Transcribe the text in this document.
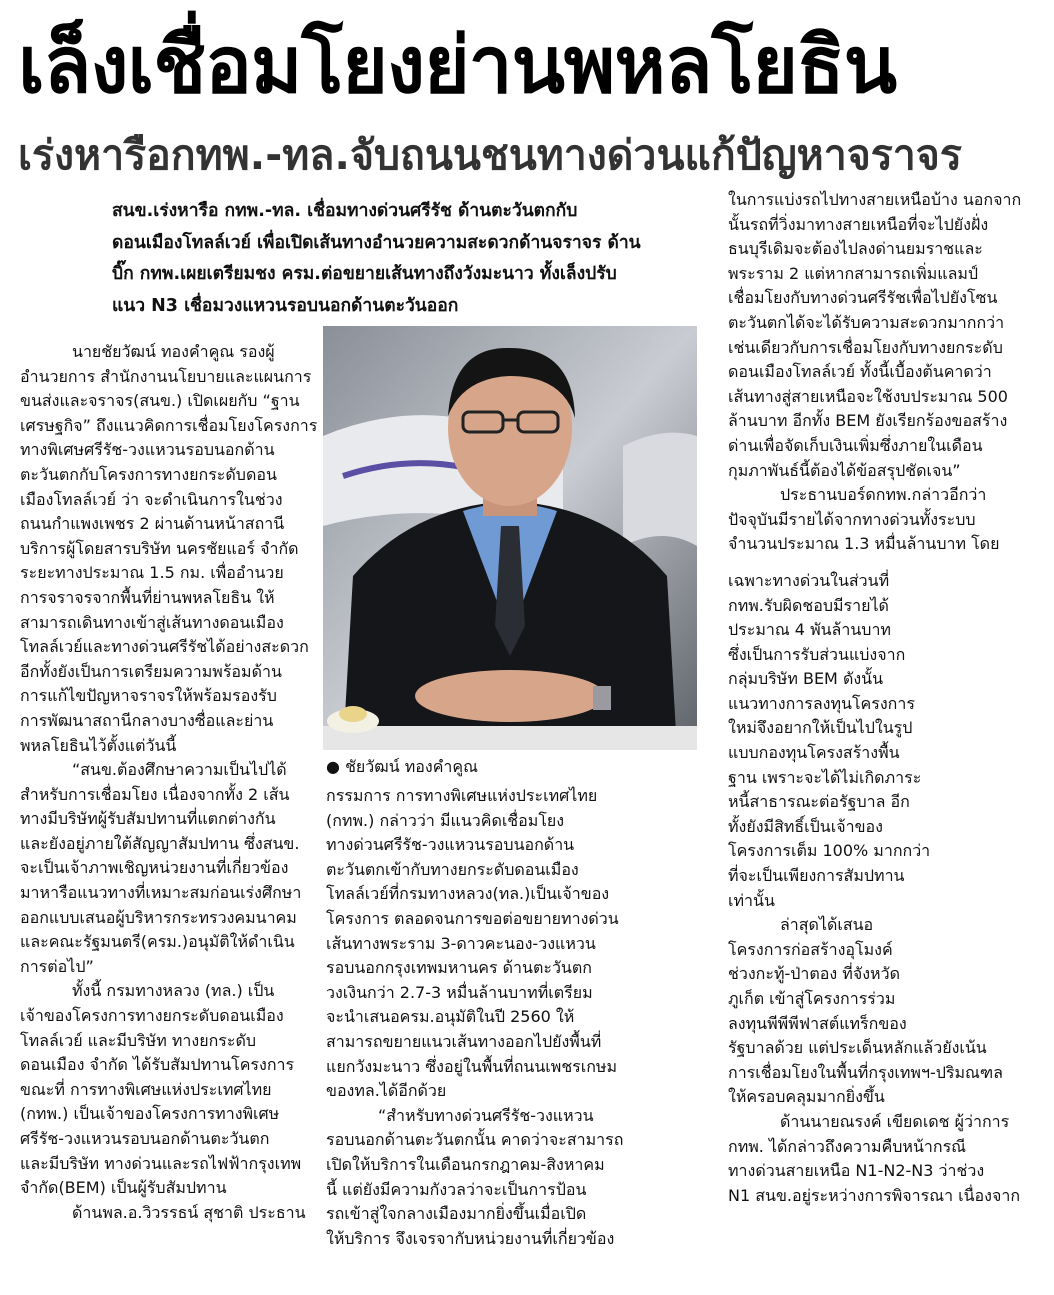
เล็งเชื่อมโยงย่านพหลโยธิน
เร่งหารือกทพ.-ทล.จับถนนชนทางด่วนแก้ปัญหาจราจร
สนข.เร่งหารือ กทพ.-ทล. เชื่อมทางด่วนศรีรัช ด้านตะวันตกกับ
ดอนเมืองโทลล์เวย์ เพื่อเปิดเส้นทางอำนวยความสะดวกด้านจราจร ด้าน
บิ๊ก กทพ.เผยเตรียมชง ครม.ต่อขยายเส้นทางถึงวังมะนาว ทั้งเล็งปรับ
แนว N3 เชื่อมวงแหวนรอบนอกด้านตะวันออก
● ชัยวัฒน์ ทองคำคูณ
นายชัยวัฒน์ ทองคำคูณ รองผู้
อำนวยการ สำนักงานนโยบายและแผนการ
ขนส่งและจราจร(สนข.) เปิดเผยกับ “ฐาน
เศรษฐกิจ” ถึงแนวคิดการเชื่อมโยงโครงการ
ทางพิเศษศรีรัช-วงแหวนรอบนอกด้าน
ตะวันตกกับโครงการทางยกระดับดอน
เมืองโทลล์เวย์ ว่า จะดำเนินการในช่วง
ถนนกำแพงเพชร 2 ผ่านด้านหน้าสถานี
บริการผู้โดยสารบริษัท นครชัยแอร์ จำกัด
ระยะทางประมาณ 1.5 กม. เพื่ออำนวย
การจราจรจากพื้นที่ย่านพหลโยธิน ให้
สามารถเดินทางเข้าสู่เส้นทางดอนเมือง
โทลล์เวย์และทางด่วนศรีรัชได้อย่างสะดวก
อีกทั้งยังเป็นการเตรียมความพร้อมด้าน
การแก้ไขปัญหาจราจรให้พร้อมรองรับ
การพัฒนาสถานีกลางบางซื่อและย่าน
พหลโยธินไว้ตั้งแต่วันนี้
“สนข.ต้องศึกษาความเป็นไปได้
สำหรับการเชื่อมโยง เนื่องจากทั้ง 2 เส้น
ทางมีบริษัทผู้รับสัมปทานที่แตกต่างกัน
และยังอยู่ภายใต้สัญญาสัมปทาน ซึ่งสนข.
จะเป็นเจ้าภาพเชิญหน่วยงานที่เกี่ยวข้อง
มาหารือแนวทางที่เหมาะสมก่อนเร่งศึกษา
ออกแบบเสนอผู้บริหารกระทรวงคมนาคม
และคณะรัฐมนตรี(ครม.)อนุมัติให้ดำเนิน
การต่อไป”
ทั้งนี้ กรมทางหลวง (ทล.) เป็น
เจ้าของโครงการทางยกระดับดอนเมือง
โทลล์เวย์ และมีบริษัท ทางยกระดับ
ดอนเมือง จำกัด ได้รับสัมปทานโครงการ
ขณะที่ การทางพิเศษแห่งประเทศไทย
(กทพ.) เป็นเจ้าของโครงการทางพิเศษ
ศรีรัช-วงแหวนรอบนอกด้านตะวันตก
และมีบริษัท ทางด่วนและรถไฟฟ้ากรุงเทพ
จำกัด(BEM) เป็นผู้รับสัมปทาน
ด้านพล.อ.วิวรรธน์ สุชาติ ประธาน
กรรมการ การทางพิเศษแห่งประเทศไทย
(กทพ.) กล่าวว่า มีแนวคิดเชื่อมโยง
ทางด่วนศรีรัช-วงแหวนรอบนอกด้าน
ตะวันตกเข้ากับทางยกระดับดอนเมือง
โทลล์เวย์ที่กรมทางหลวง(ทล.)เป็นเจ้าของ
โครงการ ตลอดจนการขอต่อขยายทางด่วน
เส้นทางพระราม 3-ดาวคะนอง-วงแหวน
รอบนอกกรุงเทพมหานคร ด้านตะวันตก
วงเงินกว่า 2.7-3 หมื่นล้านบาทที่เตรียม
จะนำเสนอครม.อนุมัติในปี 2560 ให้
สามารถขยายแนวเส้นทางออกไปยังพื้นที่
แยกวังมะนาว ซึ่งอยู่ในพื้นที่ถนนเพชรเกษม
ของทล.ได้อีกด้วย
“สำหรับทางด่วนศรีรัช-วงแหวน
รอบนอกด้านตะวันตกนั้น คาดว่าจะสามารถ
เปิดให้บริการในเดือนกรกฎาคม-สิงหาคม
นี้ แต่ยังมีความกังวลว่าจะเป็นการป้อน
รถเข้าสู่ใจกลางเมืองมากยิ่งขึ้นเมื่อเปิด
ให้บริการ จึงเจรจากับหน่วยงานที่เกี่ยวข้อง
ในการแบ่งรถไปทางสายเหนือบ้าง นอกจาก
นั้นรถที่วิ่งมาทางสายเหนือที่จะไปยังฝั่ง
ธนบุรีเดิมจะต้องไปลงด่านยมราชและ
พระราม 2 แต่หากสามารถเพิ่มแลมป์
เชื่อมโยงกับทางด่วนศรีรัชเพื่อไปยังโซน
ตะวันตกได้จะได้รับความสะดวกมากกว่า
เช่นเดียวกับการเชื่อมโยงกับทางยกระดับ
ดอนเมืองโทลล์เวย์ ทั้งนี้เบื้องต้นคาดว่า
เส้นทางสู่สายเหนือจะใช้งบประมาณ 500
ล้านบาท อีกทั้ง BEM ยังเรียกร้องขอสร้าง
ด่านเพื่อจัดเก็บเงินเพิ่มซึ่งภายในเดือน
กุมภาพันธ์นี้ต้องได้ข้อสรุปชัดเจน”
ประธานบอร์ดกทพ.กล่าวอีกว่า
ปัจจุบันมีรายได้จากทางด่วนทั้งระบบ
จำนวนประมาณ 1.3 หมื่นล้านบาท โดย
เฉพาะทางด่วนในส่วนที่
กทพ.รับผิดชอบมีรายได้
ประมาณ 4 พันล้านบาท
ซึ่งเป็นการรับส่วนแบ่งจาก
กลุ่มบริษัท BEM ดังนั้น
แนวทางการลงทุนโครงการ
ใหม่จึงอยากให้เป็นไปในรูป
แบบกองทุนโครงสร้างพื้น
ฐาน เพราะจะได้ไม่เกิดภาระ
หนี้สาธารณะต่อรัฐบาล อีก
ทั้งยังมีสิทธิ์เป็นเจ้าของ
โครงการเต็ม 100% มากกว่า
ที่จะเป็นเพียงการสัมปทาน
เท่านั้น
ล่าสุดได้เสนอ
โครงการก่อสร้างอุโมงค์
ช่วงกะทู้-ป่าตอง ที่จังหวัด
ภูเก็ต เข้าสู่โครงการร่วม
ลงทุนพีพีพีฟาสต์แทร็กของ
รัฐบาลด้วย แต่ประเด็นหลักแล้วยังเน้น
การเชื่อมโยงในพื้นที่กรุงเทพฯ-ปริมณฑล
ให้ครอบคลุมมากยิ่งขึ้น
ด้านนายณรงค์ เขียดเดช ผู้ว่าการ
กทพ. ได้กล่าวถึงความคืบหน้ากรณี
ทางด่วนสายเหนือ N1-N2-N3 ว่าช่วง
N1 สนข.อยู่ระหว่างการพิจารณา เนื่องจาก
